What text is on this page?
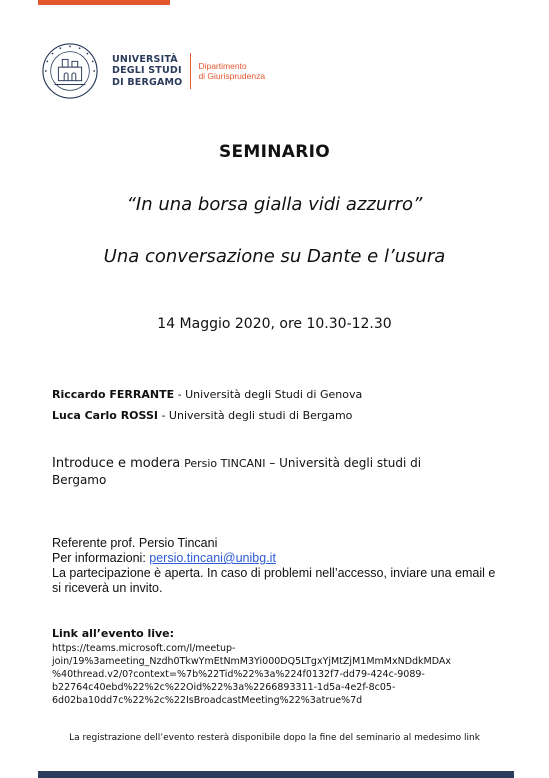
UNIVERSITÀ
DEGLI STUDI
DI BERGAMO
Dipartimento
di Giurisprudenza
SEMINARIO
“In una borsa gialla vidi azzurro”
Una conversazione su Dante e l’usura
14 Maggio 2020, ore 10.30-12.30
Riccardo FERRANTE - Università degli Studi di Genova
Luca Carlo ROSSI - Università degli studi di Bergamo
Introduce e modera Persio TINCANI – Università degli studi di Bergamo
Referente prof. Persio Tincani
Per informazioni: persio.tincani@unibg.it
La partecipazione è aperta. In caso di problemi nell’accesso, inviare una email e si riceverà un invito.
Link all’evento live:
https://teams.microsoft.com/l/meetup-
join/19%3ameeting_Nzdh0TkwYmEtNmM3Yi000DQ5LTgxYjMtZjM1MmMxNDdkMDAx
%40thread.v2/0?context=%7b%22Tid%22%3a%224f0132f7-dd79-424c-9089-
b22764c40ebd%22%2c%22Oid%22%3a%2266893311-1d5a-4e2f-8c05-
6d02ba10dd7c%22%2c%22IsBroadcastMeeting%22%3atrue%7d
La registrazione dell’evento resterà disponibile dopo la fine del seminario al medesimo link
